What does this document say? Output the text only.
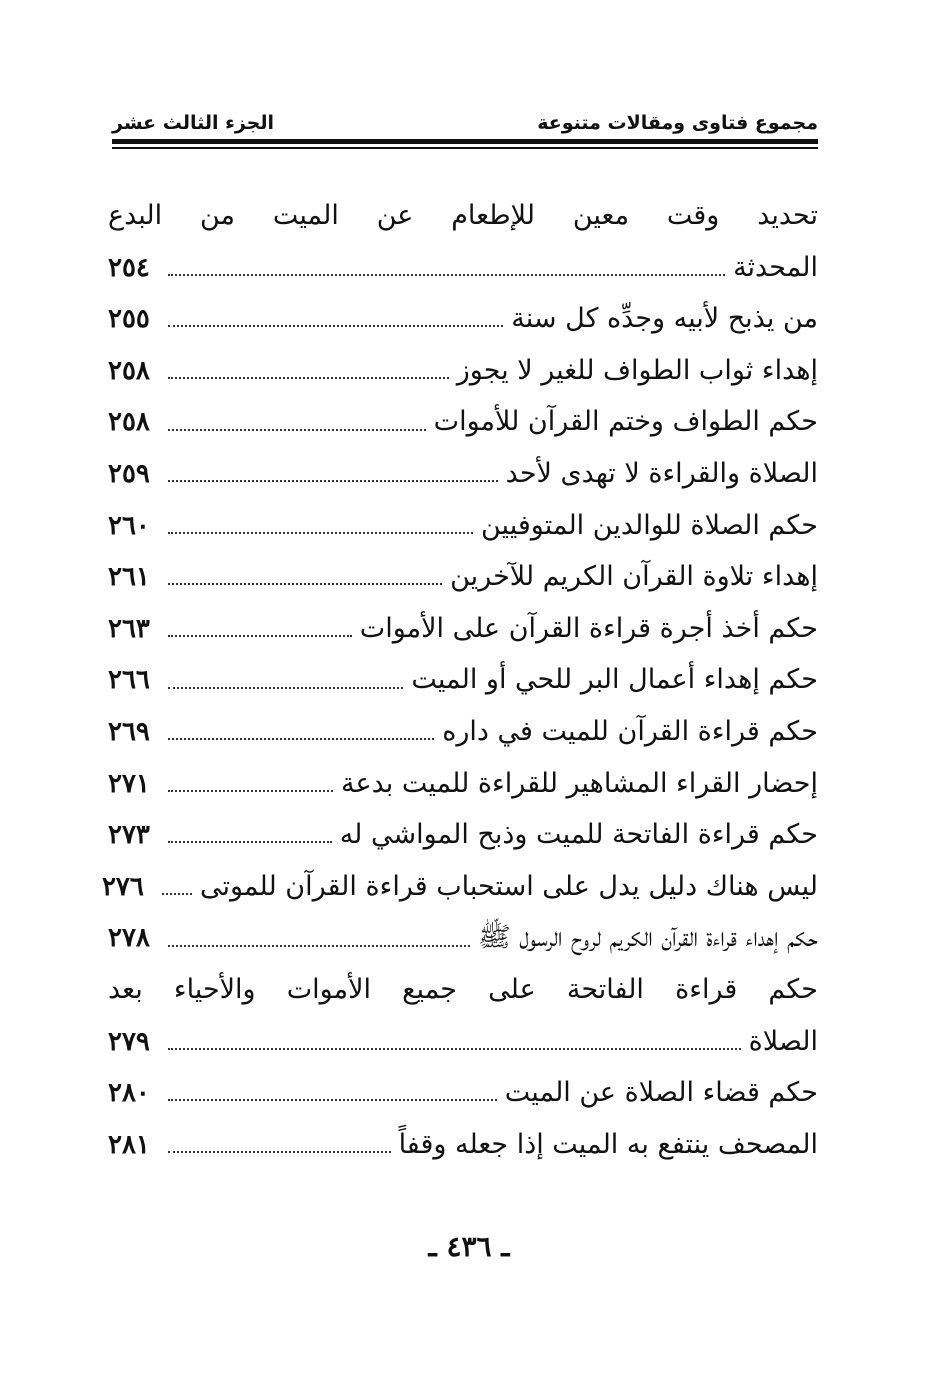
مجموع فتاوى ومقالات متنوعة
الجزء الثالث عشر
تحديد وقت معين للإطعام عن الميت من البدع
المحدثة
٢٥٤
من يذبح لأبيه وجدِّه كل سنة
٢٥٥
إهداء ثواب الطواف للغير لا يجوز
٢٥٨
حكم الطواف وختم القرآن للأموات
٢٥٨
الصلاة والقراءة لا تهدى لأحد
٢٥٩
حكم الصلاة للوالدين المتوفيين
٢٦٠
إهداء تلاوة القرآن الكريم للآخرين
٢٦١
حكم أخذ أجرة قراءة القرآن على الأموات
٢٦٣
حكم إهداء أعمال البر للحي أو الميت
٢٦٦
حكم قراءة القرآن للميت في داره
٢٦٩
إحضار القراء المشاهير للقراءة للميت بدعة
٢٧١
حكم قراءة الفاتحة للميت وذبح المواشي له
٢٧٣
ليس هناك دليل يدل على استحباب قراءة القرآن للموتى
٢٧٦
حكم إهداء قراءة القرآن الكريم لروح الرسول ﷺ
٢٧٨
حكم قراءة الفاتحة على جميع الأموات والأحياء بعد
الصلاة
٢٧٩
حكم قضاء الصلاة عن الميت
٢٨٠
المصحف ينتفع به الميت إذا جعله وقفاً
٢٨١
ـ ٤٣٦ ـ
